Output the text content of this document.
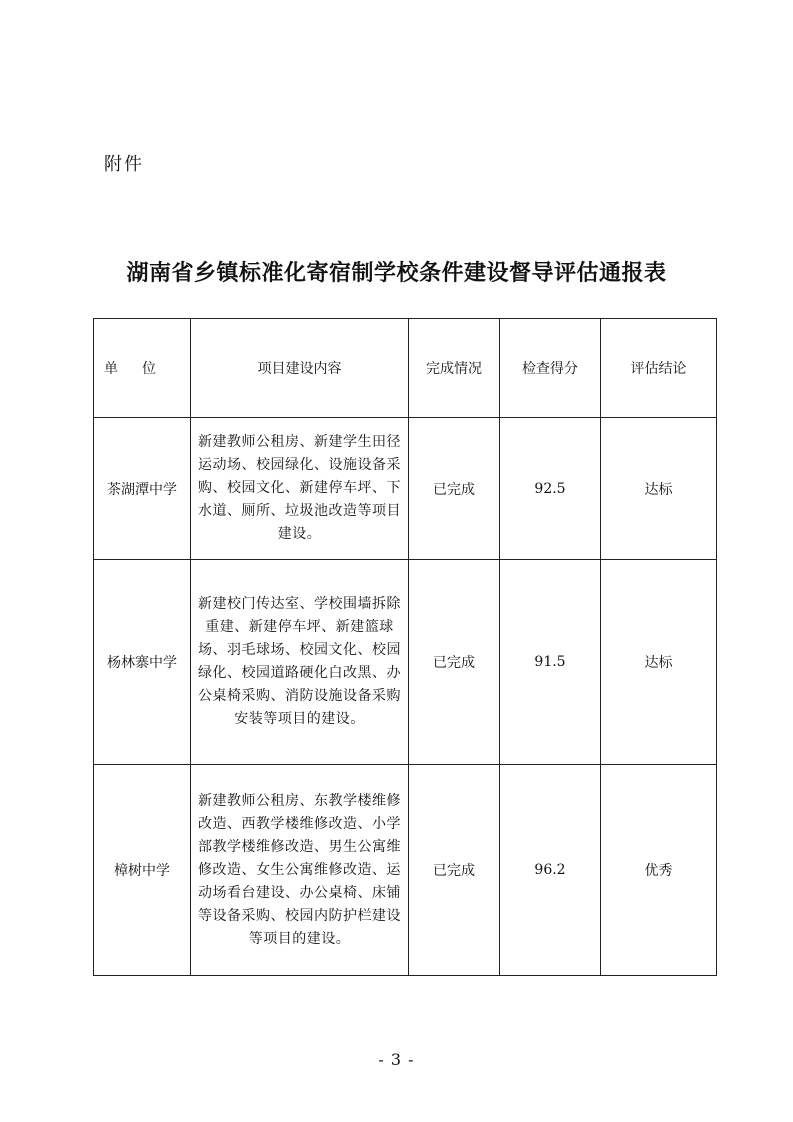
附件
湖南省乡镇标准化寄宿制学校条件建设督导评估通报表
单位	项目建设内容	完成情况	检查得分	评估结论
茶湖潭中学	新建教师公租房、新建学生田径运动场、校园绿化、设施设备采购、校园文化、新建停车坪、下水道、厕所、垃圾池改造等项目建设。	已完成	92.5	达标
杨林寨中学	新建校门传达室、学校围墙拆除重建、新建停车坪、新建篮球场、羽毛球场、校园文化、校园绿化、校园道路硬化白改黑、办公桌椅采购、消防设施设备采购安装等项目的建设。	已完成	91.5	达标
樟树中学	新建教师公租房、东教学楼维修改造、西教学楼维修改造、小学部教学楼维修改造、男生公寓维修改造、女生公寓维修改造、运动场看台建设、办公桌椅、床铺等设备采购、校园内防护栏建设等项目的建设。	已完成	96.2	优秀
- 3 -
